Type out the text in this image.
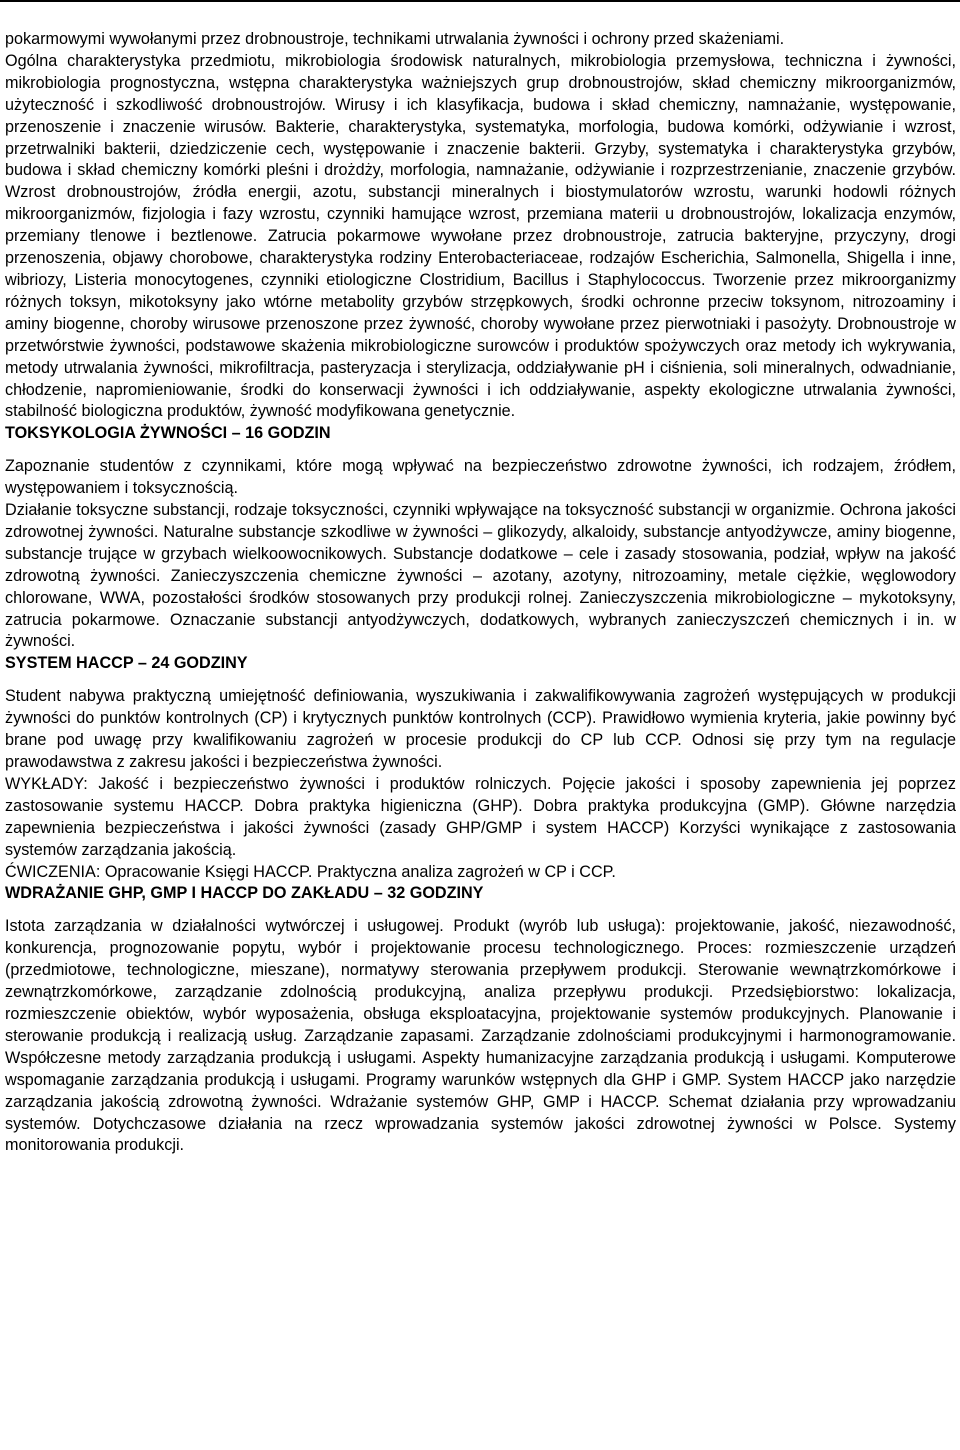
pokarmowymi wywołanymi przez drobnoustroje, technikami utrwalania żywności i ochrony przed skażeniami.

Ogólna charakterystyka przedmiotu, mikrobiologia środowisk naturalnych, mikrobiologia przemysłowa, techniczna i żywności, mikrobiologia prognostyczna, wstępna charakterystyka ważniejszych grup drobnoustrojów, skład chemiczny mikroorganizmów, użyteczność i szkodliwość drobnoustrojów. Wirusy i ich klasyfikacja, budowa i skład chemiczny, namnażanie, występowanie, przenoszenie i znaczenie wirusów. Bakterie, charakterystyka, systematyka, morfologia, budowa komórki, odżywianie i wzrost, przetrwalniki bakterii, dziedziczenie cech, występowanie i znaczenie bakterii. Grzyby, systematyka i charakterystyka grzybów, budowa i skład chemiczny komórki pleśni i drożdży, morfologia, namnażanie, odżywianie i rozprzestrzenianie, znaczenie grzybów. Wzrost drobnoustrojów, źródła energii, azotu, substancji mineralnych i biostymulatorów wzrostu, warunki hodowli różnych mikroorganizmów, fizjologia i fazy wzrostu, czynniki hamujące wzrost, przemiana materii u drobnoustrojów, lokalizacja enzymów, przemiany tlenowe i beztlenowe. Zatrucia pokarmowe wywołane przez drobnoustroje, zatrucia bakteryjne, przyczyny, drogi przenoszenia, objawy chorobowe, charakterystyka rodziny Enterobacteriaceae, rodzajów Escherichia, Salmonella, Shigella i inne, wibriozy, Listeria monocytogenes, czynniki etiologiczne Clostridium, Bacillus i Staphylococcus. Tworzenie przez mikroorganizmy różnych toksyn, mikotoksyny jako wtórne metabolity grzybów strzępkowych, środki ochronne przeciw toksynom, nitrozoaminy i aminy biogenne, choroby wirusowe przenoszone przez żywność, choroby wywołane przez pierwotniaki i pasożyty. Drobnoustroje w przetwórstwie żywności, podstawowe skażenia mikrobiologiczne surowców i produktów spożywczych oraz metody ich wykrywania, metody utrwalania żywności, mikrofiltracja, pasteryzacja i sterylizacja, oddziaływanie pH i ciśnienia, soli mineralnych, odwadnianie, chłodzenie, napromieniowanie, środki do konserwacji żywności i ich oddziaływanie, aspekty ekologiczne utrwalania żywności, stabilność biologiczna produktów, żywność modyfikowana genetycznie.

TOKSYKOLOGIA ŻYWNOŚCI – 16 GODZIN

Zapoznanie studentów z czynnikami, które mogą wpływać na bezpieczeństwo zdrowotne żywności, ich rodzajem, źródłem, występowaniem i toksycznością.

Działanie toksyczne substancji, rodzaje toksyczności, czynniki wpływające na toksyczność substancji w organizmie. Ochrona jakości zdrowotnej żywności. Naturalne substancje szkodliwe w żywności – glikozydy, alkaloidy, substancje antyodżywcze, aminy biogenne, substancje trujące w grzybach wielkoowocnikowych. Substancje dodatkowe – cele i zasady stosowania, podział, wpływ na jakość zdrowotną żywności. Zanieczyszczenia chemiczne żywności – azotany, azotyny, nitrozoaminy, metale ciężkie, węglowodory chlorowane, WWA, pozostałości środków stosowanych przy produkcji rolnej. Zanieczyszczenia mikrobiologiczne – mykotoksyny, zatrucia pokarmowe. Oznaczanie substancji antyodżywczych, dodatkowych, wybranych zanieczyszczeń chemicznych i in. w żywności.

SYSTEM HACCP – 24 GODZINY

Student nabywa praktyczną umiejętność definiowania, wyszukiwania i zakwalifikowywania zagrożeń występujących w produkcji żywności do punktów kontrolnych (CP) i krytycznych punktów kontrolnych (CCP). Prawidłowo wymienia kryteria, jakie powinny być brane pod uwagę przy kwalifikowaniu zagrożeń w procesie produkcji do CP lub CCP. Odnosi się przy tym na regulacje prawodawstwa z zakresu jakości i bezpieczeństwa żywności.

WYKŁADY: Jakość i bezpieczeństwo żywności i produktów rolniczych. Pojęcie jakości i sposoby zapewnienia jej poprzez zastosowanie systemu HACCP. Dobra praktyka higieniczna (GHP). Dobra praktyka produkcyjna (GMP). Główne narzędzia zapewnienia bezpieczeństwa i jakości żywności (zasady GHP/GMP i system HACCP) Korzyści wynikające z zastosowania systemów zarządzania jakością.

ĆWICZENIA: Opracowanie Księgi HACCP. Praktyczna analiza zagrożeń w CP i CCP.

WDRAŻANIE GHP, GMP I HACCP DO ZAKŁADU – 32 GODZINY

Istota zarządzania w działalności wytwórczej i usługowej. Produkt (wyrób lub usługa): projektowanie, jakość, niezawodność, konkurencja, prognozowanie popytu, wybór i projektowanie procesu technologicznego. Proces: rozmieszczenie urządzeń (przedmiotowe, technologiczne, mieszane), normatywy sterowania przepływem produkcji. Sterowanie wewnątrzkomórkowe i zewnątrzkomórkowe, zarządzanie zdolnością produkcyjną, analiza przepływu produkcji. Przedsiębiorstwo: lokalizacja, rozmieszczenie obiektów, wybór wyposażenia, obsługa eksploatacyjna, projektowanie systemów produkcyjnych. Planowanie i sterowanie produkcją i realizacją usług. Zarządzanie zapasami. Zarządzanie zdolnościami produkcyjnymi i harmonogramowanie. Współczesne metody zarządzania produkcją i usługami. Aspekty humanizacyjne zarządzania produkcją i usługami. Komputerowe wspomaganie zarządzania produkcją i usługami. Programy warunków wstępnych dla GHP i GMP. System HACCP jako narzędzie zarządzania jakością zdrowotną żywności. Wdrażanie systemów GHP, GMP i HACCP. Schemat działania przy wprowadzaniu systemów. Dotychczasowe działania na rzecz wprowadzania systemów jakości zdrowotnej żywności w Polsce. Systemy monitorowania produkcji.
